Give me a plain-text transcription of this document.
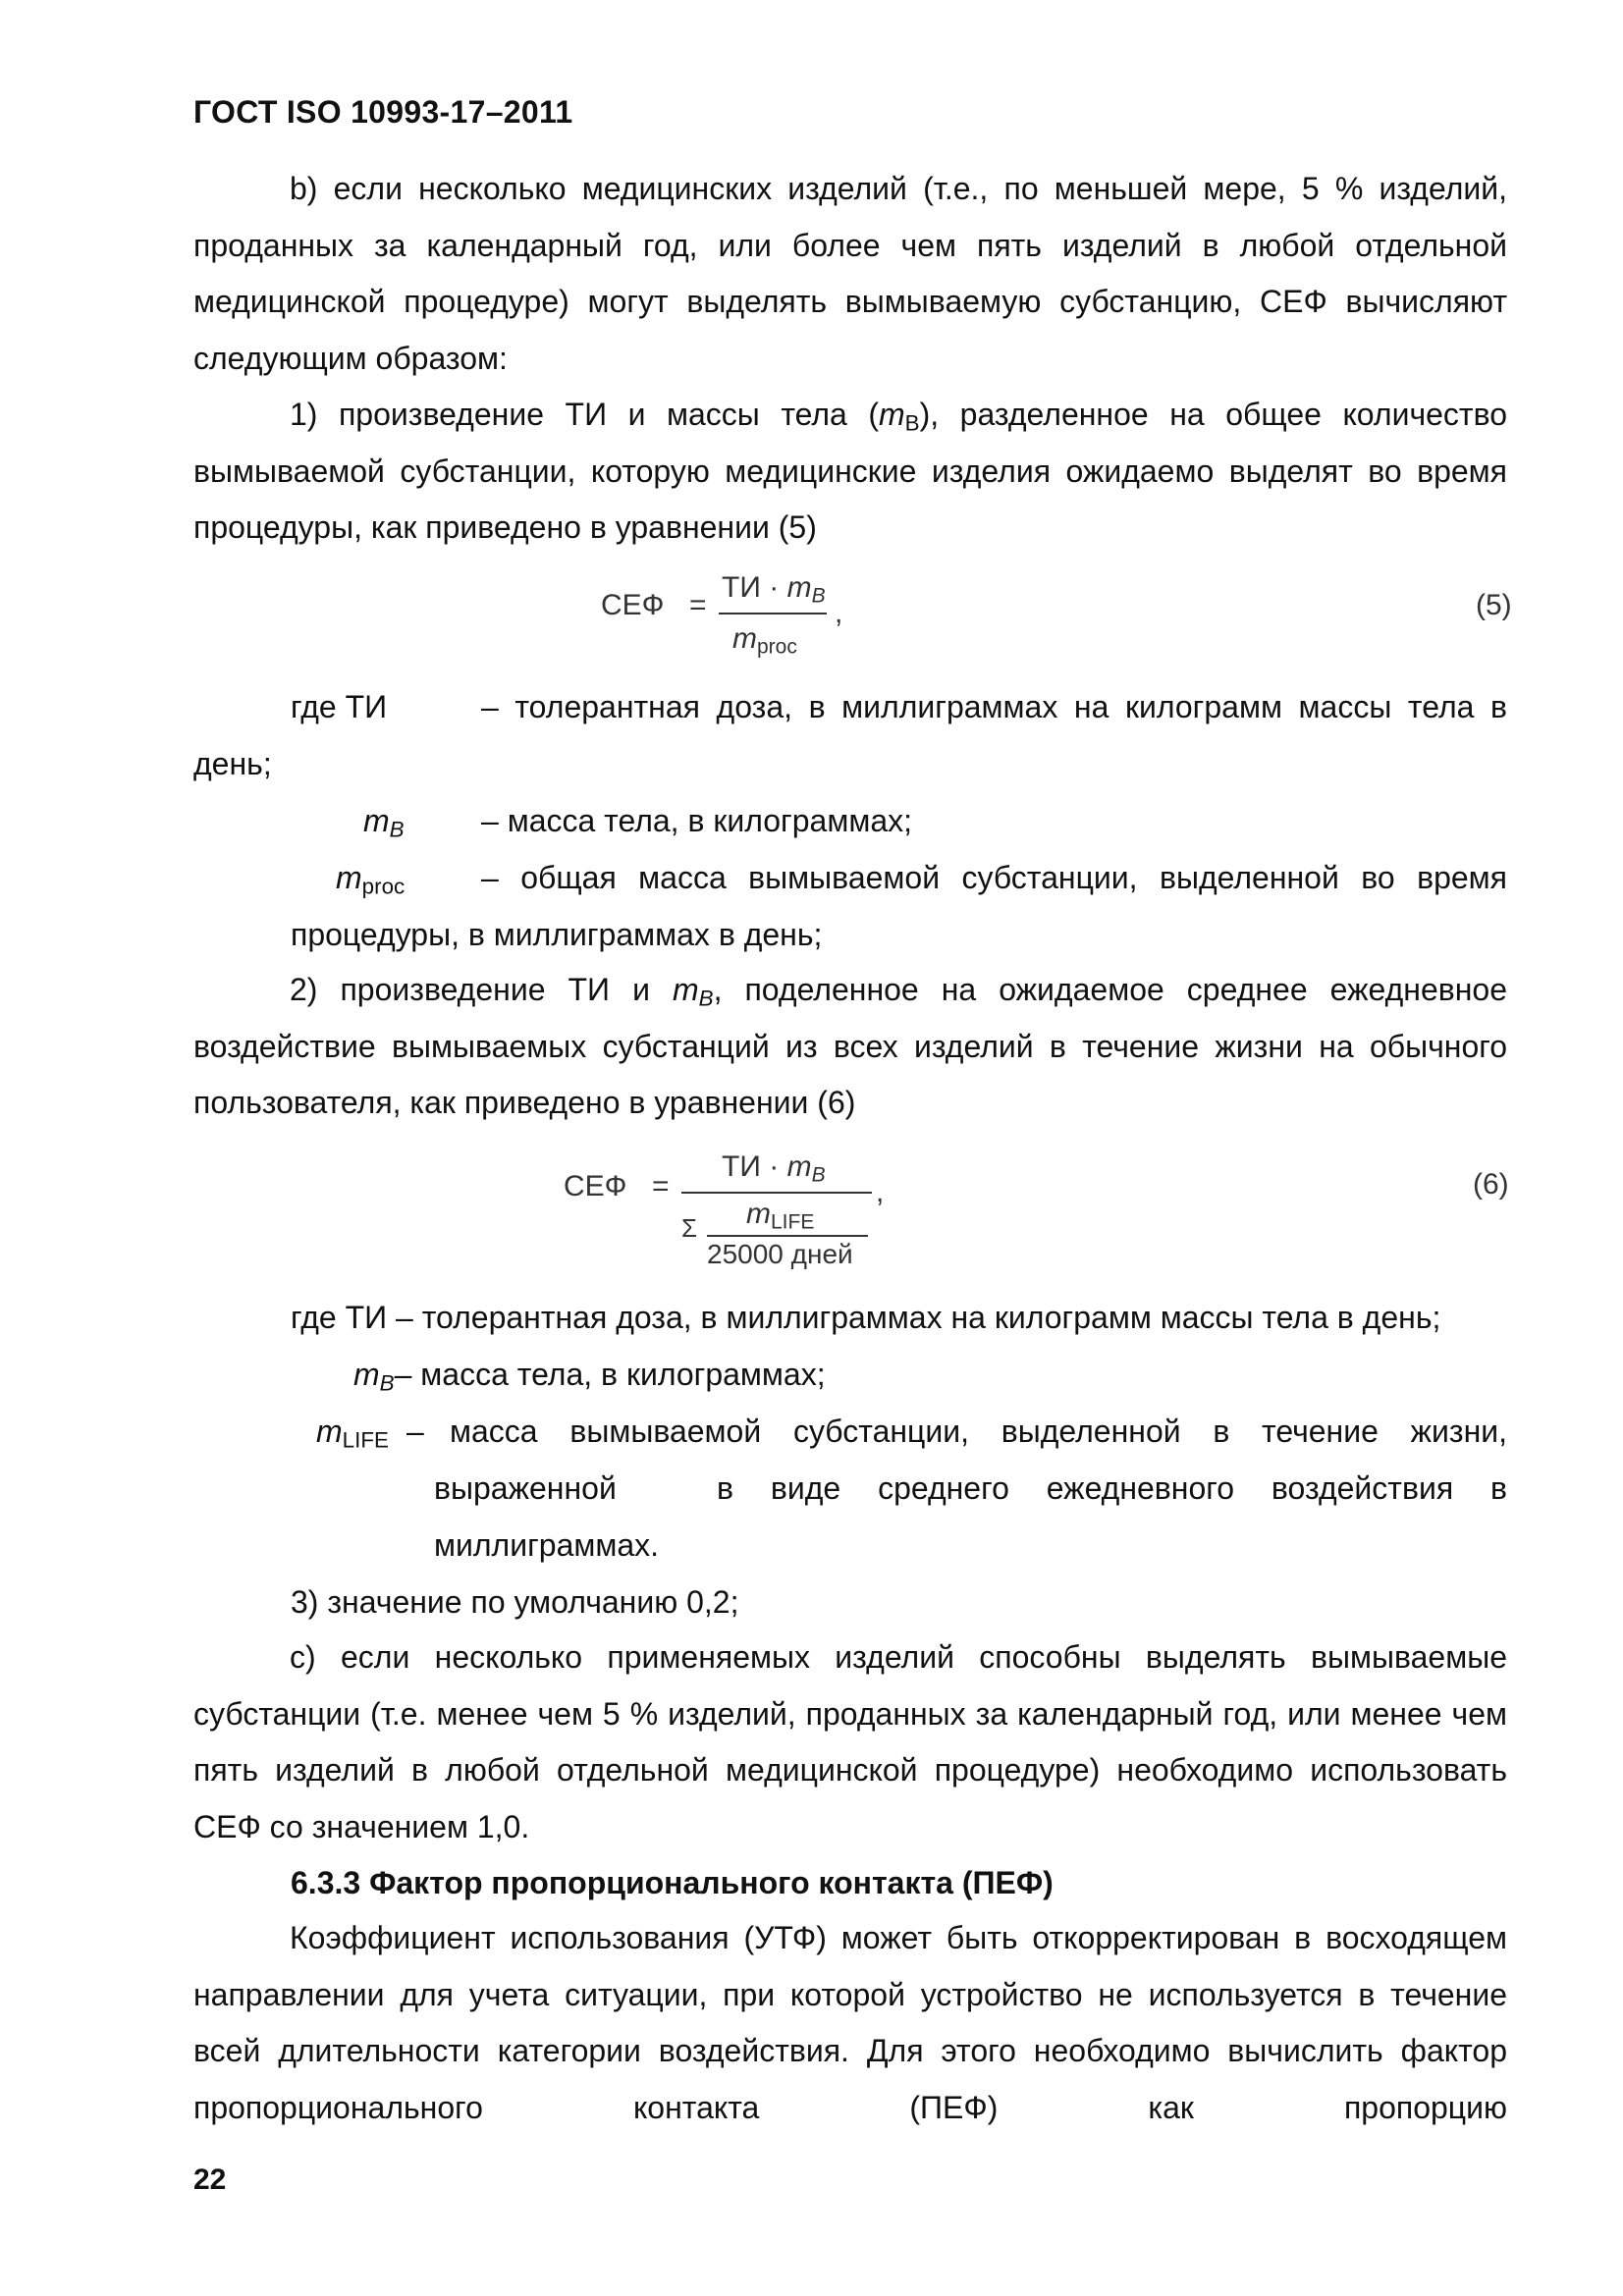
ГОСТ ISO 10993-17–2011
b) если несколько медицинских изделий (т.е., по меньшей мере, 5 % изделий, проданных за календарный год, или более чем пять изделий в любой отдельной медицинской процедуре) могут выделять вымываемую субстанцию, СЕФ вычисляют следующим образом:
1) произведение ТИ и массы тела $(m_B)$, разделенное на общее количество вымываемой субстанции, которую медицинские изделия ожидаемо выделят во время процедуры, как приведено в уравнении (5)
СЕФ =
ТИ · $m_B$
$m_{proc}$
,	(5)
где ТИ	– толерантная доза, в миллиграммах на килограмм массы тела в
день;
$m_B$ – масса тела, в килограммах;
$m_{proc}$ – общая масса вымываемой субстанции, выделенной во время
процедуры, в миллиграммах в день;
2) произведение ТИ и $m_B$, поделенное на ожидаемое среднее ежедневное воздействие вымываемых субстанций из всех изделий в течение жизни на обычного пользователя, как приведено в уравнении (6)
СЕФ =
ТИ · $m_B$
Σ $m_{LIFE}$
25000 дней
,	(6)
где ТИ – толерантная доза, в миллиграммах на килограмм массы тела в день;
$m_B-$ масса тела, в килограммах;
$m_{LIFE}$ – масса вымываемой субстанции, выделенной в течение жизни,
выраженной	в виде среднего ежедневного воздействия в
миллиграммах.
3) значение по умолчанию 0,2;
с) если несколько применяемых изделий способны выделять вымываемые субстанции (т.е. менее чем 5 % изделий, проданных за календарный год, или менее чем пять изделий в любой отдельной медицинской процедуре) необходимо использовать СЕФ со значением 1,0.
6.3.3 Фактор пропорционального контакта (ПЕФ)
Коэффициент использования (УТФ) может быть откорректирован в восходящем направлении для учета ситуации, при которой устройство не используется в течение всей длительности категории воздействия. Для этого необходимо вычислить фактор пропорционального контакта (ПЕФ) как пропорцию
22
